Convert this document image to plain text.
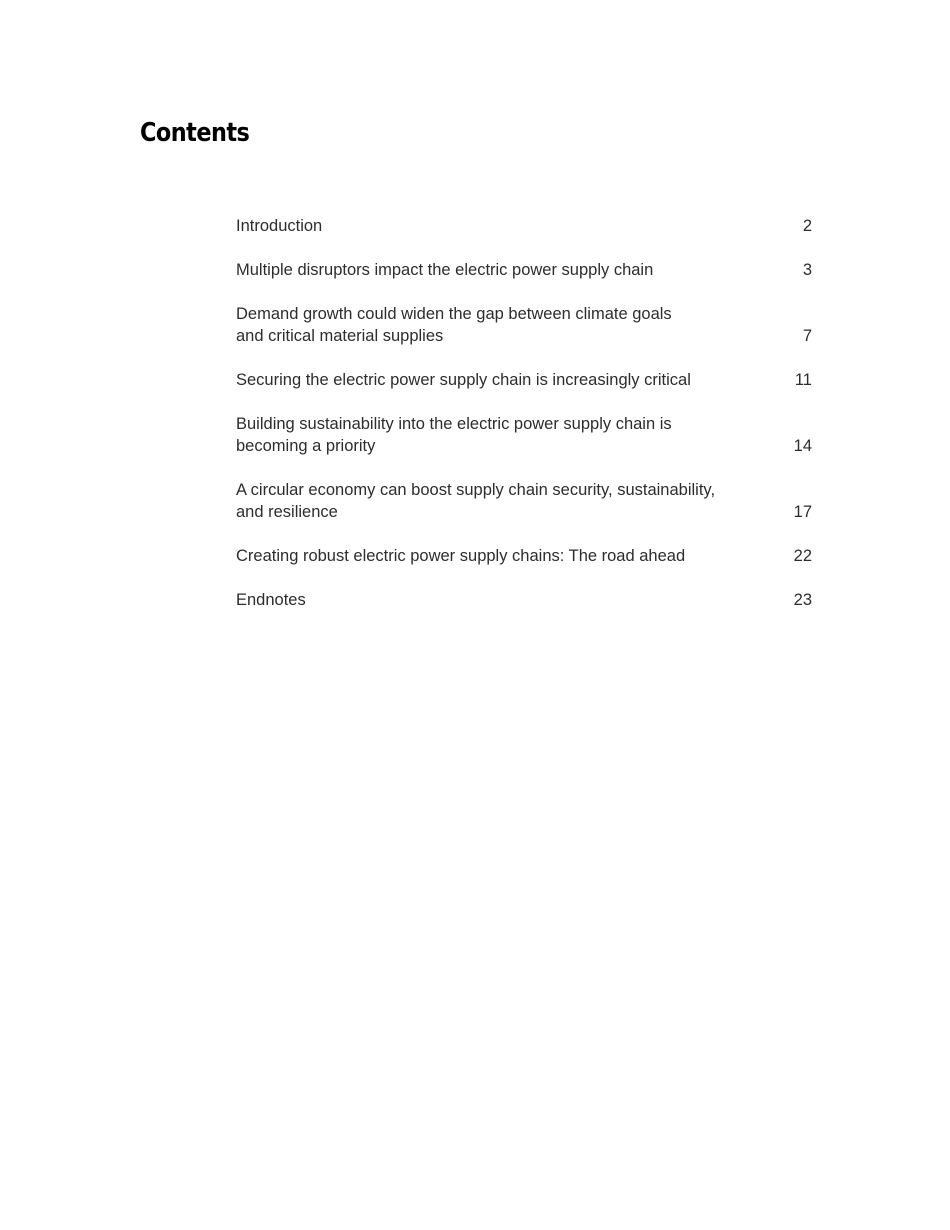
Contents
Introduction	2
Multiple disruptors impact the electric power supply chain	3
Demand growth could widen the gap between climate goals
and critical material supplies	7
Securing the electric power supply chain is increasingly critical	11
Building sustainability into the electric power supply chain is
becoming a priority	14
A circular economy can boost supply chain security, sustainability,
and resilience	17
Creating robust electric power supply chains: The road ahead	22
Endnotes	23
